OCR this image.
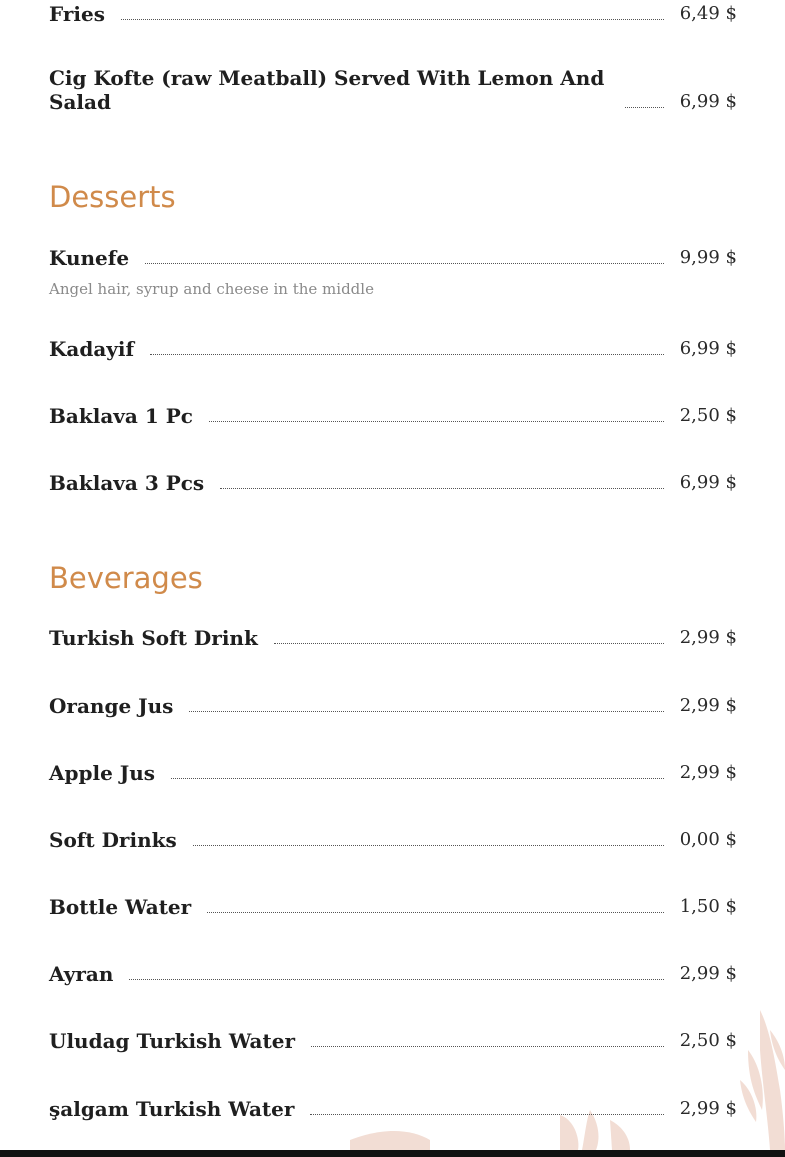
Fries	6,49 $
Cig Kofte (raw Meatball) Served With Lemon And Salad	6,99 $
Desserts
Kunefe	9,99 $
Angel hair, syrup and cheese in the middle
Kadayif	6,99 $
Baklava 1 Pc	2,50 $
Baklava 3 Pcs	6,99 $
Beverages
Turkish Soft Drink	2,99 $
Orange Jus	2,99 $
Apple Jus	2,99 $
Soft Drinks	0,00 $
Bottle Water	1,50 $
Ayran	2,99 $
Uludag Turkish Water	2,50 $
şalgam Turkish Water	2,99 $
